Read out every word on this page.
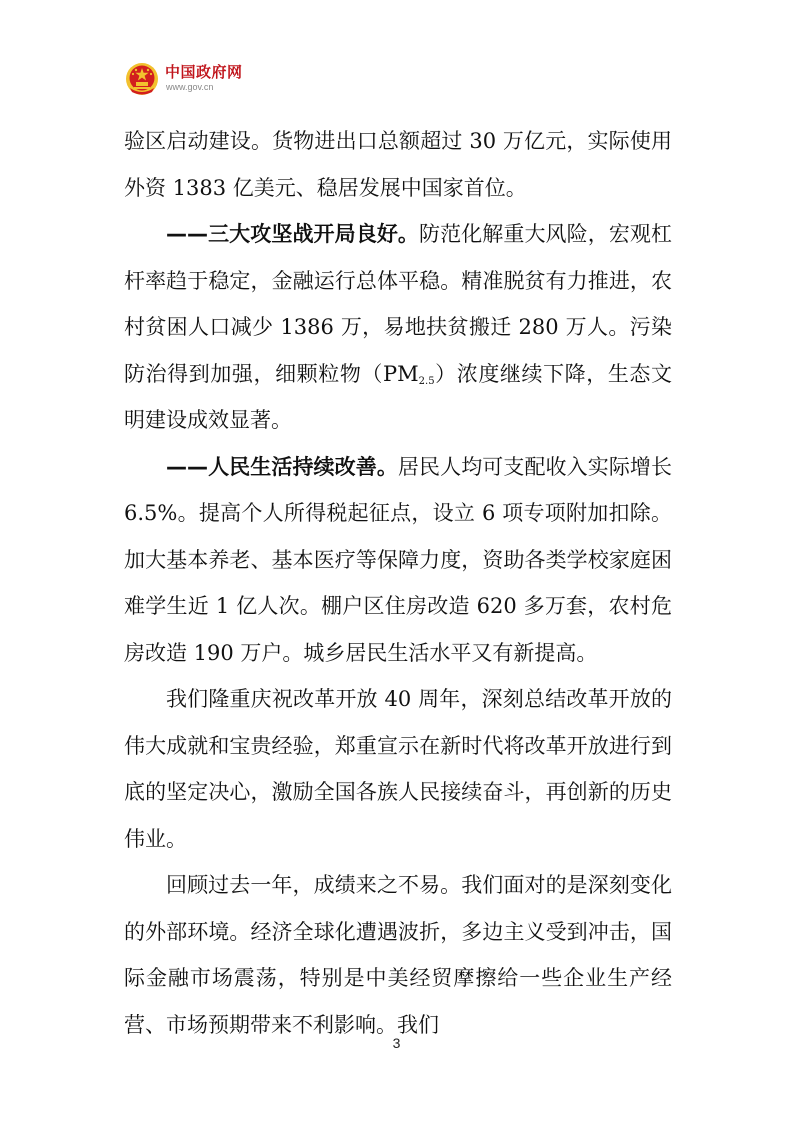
中国政府网
www.gov.cn

验区启动建设。货物进出口总额超过 30 万亿元，实际使用外资 1383 亿美元、稳居发展中国家首位。

——三大攻坚战开局良好。防范化解重大风险，宏观杠杆率趋于稳定，金融运行总体平稳。精准脱贫有力推进，农村贫困人口减少 1386 万，易地扶贫搬迁 280 万人。污染防治得到加强，细颗粒物$(PM_{2.5})$浓度继续下降，生态文明建设成效显著。

——人民生活持续改善。居民人均可支配收入实际增长 6.5%。提高个人所得税起征点，设立 6 项专项附加扣除。加大基本养老、基本医疗等保障力度，资助各类学校家庭困难学生近 1 亿人次。棚户区住房改造 620 多万套，农村危房改造 190 万户。城乡居民生活水平又有新提高。

我们隆重庆祝改革开放 40 周年，深刻总结改革开放的伟大成就和宝贵经验，郑重宣示在新时代将改革开放进行到底的坚定决心，激励全国各族人民接续奋斗，再创新的历史伟业。

回顾过去一年，成绩来之不易。我们面对的是深刻变化的外部环境。经济全球化遭遇波折，多边主义受到冲击，国际金融市场震荡，特别是中美经贸摩擦给一些企业生产经营、市场预期带来不利影响。我们

3
